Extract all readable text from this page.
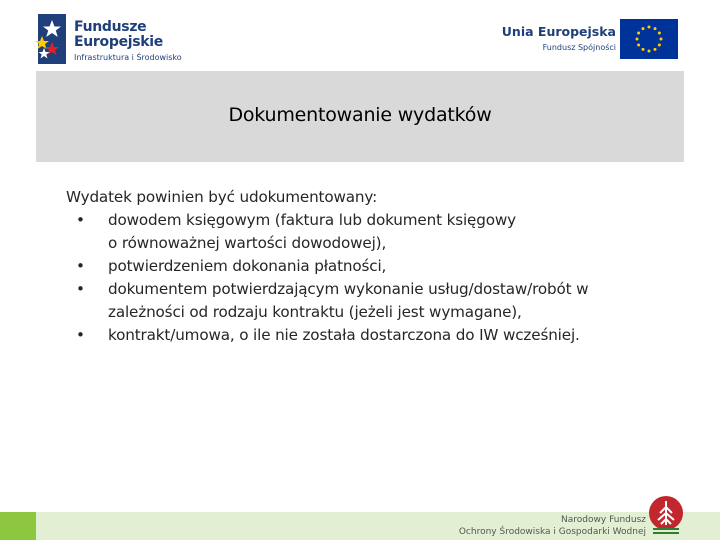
Fundusze
Europejskie
Infrastruktura i Środowisko
Unia Europejska
Fundusz Spójności
Dokumentowanie wydatków

Wydatek powinien być udokumentowany:

• dowodem księgowym (faktura lub dokument księgowy
o równoważnej wartości dowodowej),
• potwierdzeniem dokonania płatności,
• dokumentem potwierdzającym wykonanie usług/dostaw/robót w
zależności od rodzaju kontraktu (jeżeli jest wymagane),
• kontrakt/umowa, o ile nie została dostarczona do IW wcześniej.
Narodowy Fundusz
Ochrony Środowiska i Gospodarki Wodnej
